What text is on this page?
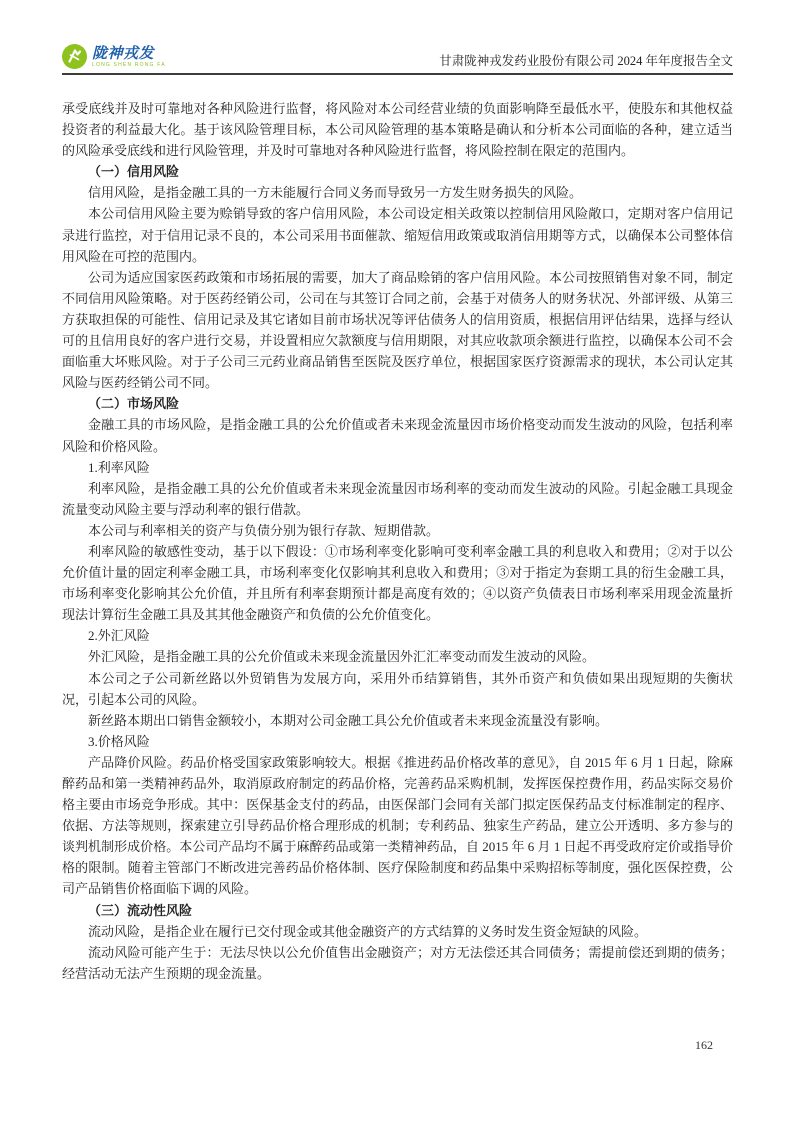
陇神戎发
LONG SHEN RONG FA	甘肃陇神戎发药业股份有限公司 2024 年年度报告全文

承受底线并及时可靠地对各种风险进行监督，将风险对本公司经营业绩的负面影响降至最低水平，使股东和其他权益投资者的利益最大化。基于该风险管理目标，本公司风险管理的基本策略是确认和分析本公司面临的各种，建立适当的风险承受底线和进行风险管理，并及时可靠地对各种风险进行监督，将风险控制在限定的范围内。

（一）信用风险

信用风险，是指金融工具的一方未能履行合同义务而导致另一方发生财务损失的风险。

本公司信用风险主要为赊销导致的客户信用风险，本公司设定相关政策以控制信用风险敞口，定期对客户信用记录进行监控，对于信用记录不良的，本公司采用书面催款、缩短信用政策或取消信用期等方式，以确保本公司整体信用风险在可控的范围内。

公司为适应国家医药政策和市场拓展的需要，加大了商品赊销的客户信用风险。本公司按照销售对象不同，制定不同信用风险策略。对于医药经销公司，公司在与其签订合同之前，会基于对债务人的财务状况、外部评级、从第三方获取担保的可能性、信用记录及其它诸如目前市场状况等评估债务人的信用资质，根据信用评估结果，选择与经认可的且信用良好的客户进行交易，并设置相应欠款额度与信用期限，对其应收款项余额进行监控，以确保本公司不会面临重大坏账风险。对于子公司三元药业商品销售至医院及医疗单位，根据国家医疗资源需求的现状，本公司认定其风险与医药经销公司不同。

（二）市场风险

金融工具的市场风险，是指金融工具的公允价值或者未来现金流量因市场价格变动而发生波动的风险，包括利率风险和价格风险。

1.利率风险

利率风险，是指金融工具的公允价值或者未来现金流量因市场利率的变动而发生波动的风险。引起金融工具现金流量变动风险主要与浮动利率的银行借款。

本公司与利率相关的资产与负债分别为银行存款、短期借款。

利率风险的敏感性变动，基于以下假设：①市场利率变化影响可变利率金融工具的利息收入和费用；②对于以公允价值计量的固定利率金融工具，市场利率变化仅影响其利息收入和费用；③对于指定为套期工具的衍生金融工具，市场利率变化影响其公允价值，并且所有利率套期预计都是高度有效的；④以资产负债表日市场利率采用现金流量折现法计算衍生金融工具及其其他金融资产和负债的公允价值变化。

2.外汇风险

外汇风险，是指金融工具的公允价值或未来现金流量因外汇汇率变动而发生波动的风险。

本公司之子公司新丝路以外贸销售为发展方向，采用外币结算销售，其外币资产和负债如果出现短期的失衡状况，引起本公司的风险。

新丝路本期出口销售金额较小，本期对公司金融工具公允价值或者未来现金流量没有影响。

3.价格风险

产品降价风险。药品价格受国家政策影响较大。根据《推进药品价格改革的意见》，自 2015 年 6 月 1 日起，除麻醉药品和第一类精神药品外，取消原政府制定的药品价格，完善药品采购机制，发挥医保控费作用，药品实际交易价格主要由市场竞争形成。其中：医保基金支付的药品，由医保部门会同有关部门拟定医保药品支付标准制定的程序、依据、方法等规则，探索建立引导药品价格合理形成的机制；专利药品、独家生产药品，建立公开透明、多方参与的谈判机制形成价格。本公司产品均不属于麻醉药品或第一类精神药品，自 2015 年 6 月 1 日起不再受政府定价或指导价格的限制。随着主管部门不断改进完善药品价格体制、医疗保险制度和药品集中采购招标等制度，强化医保控费，公司产品销售价格面临下调的风险。

（三）流动性风险

流动风险，是指企业在履行已交付现金或其他金融资产的方式结算的义务时发生资金短缺的风险。

流动风险可能产生于：无法尽快以公允价值售出金融资产；对方无法偿还其合同债务；需提前偿还到期的债务；经营活动无法产生预期的现金流量。

162
